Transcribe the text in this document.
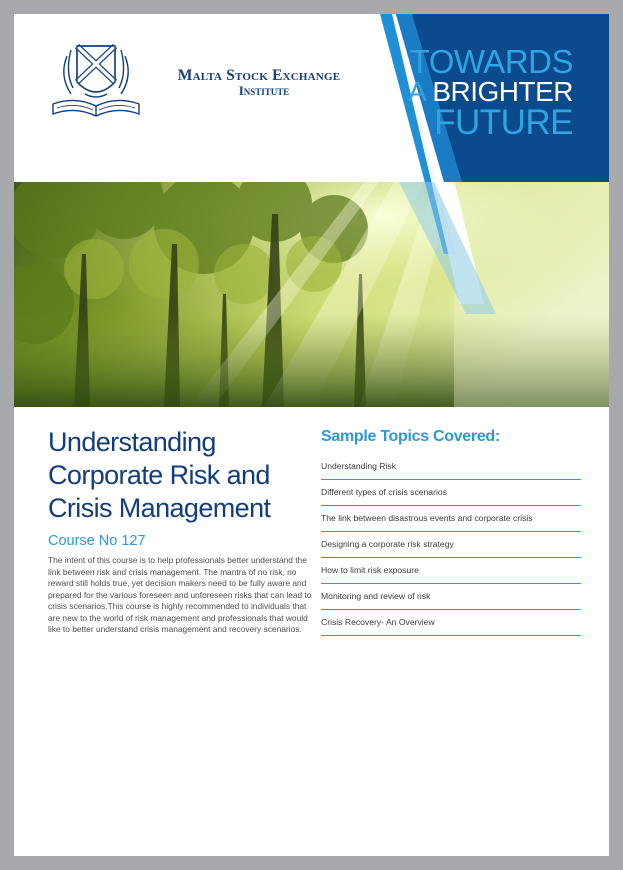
Malta Stock Exchange
Institute
TOWARDS
A BRIGHTER
FUTURE
Understanding Corporate Risk and Crisis Management
Course No 127

The intent of this course is to help professionals better understand the link between risk and crisis management. The mantra of no risk, no reward still holds true, yet decision makers need to be fully aware and prepared for the various foreseen and unforeseen risks that can lead to crisis scenarios.This course is highly recommended to individuals that are new to the world of risk management and professionals that would like to better understand crisis management and recovery scenarios.

Sample Topics Covered:
Understanding Risk
Different types of crisis scenarios
The link between disastrous events and corporate crisis
Designing a corporate risk strategy
How to limit risk exposure
Monitoring and review of risk
Crisis Recovery- An Overview
